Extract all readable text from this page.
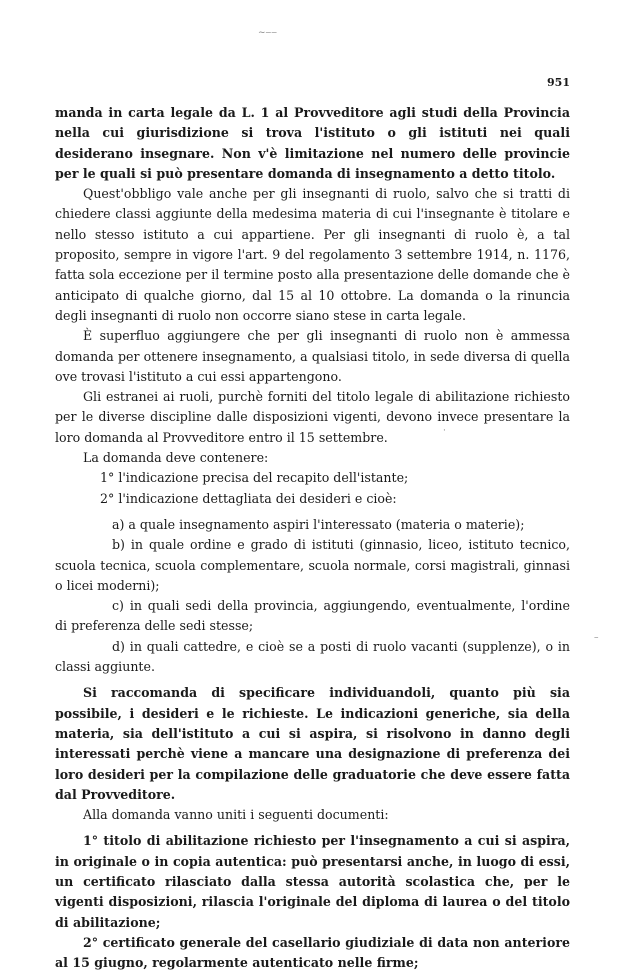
~‒‒
951

manda in carta legale da L. 1 al Provveditore agli studi della Provincia nella cui giurisdizione si trova l'istituto o gli istituti nei quali desiderano insegnare. Non v'è limitazione nel numero delle provincie per le quali si può presentare domanda di insegnamento a detto titolo.

Quest'obbligo vale anche per gli insegnanti di ruolo, salvo che si tratti di chiedere classi aggiunte della medesima materia di cui l'insegnante è titolare e nello stesso istituto a cui appartiene. Per gli insegnanti di ruolo è, a tal proposito, sempre in vigore l'art. 9 del regolamento 3 settembre 1914, n. 1176, fatta sola eccezione per il termine posto alla presentazione delle domande che è anticipato di qualche giorno, dal 15 al 10 ottobre. La domanda o la rinuncia degli insegnanti di ruolo non occorre siano stese in carta legale.

È superfluo aggiungere che per gli insegnanti di ruolo non è ammessa domanda per ottenere insegnamento, a qualsiasi titolo, in sede diversa di quella ove trovasi l'istituto a cui essi appartengono.

Gli estranei ai ruoli, purchè forniti del titolo legale di abilitazione richiesto per le diverse discipline dalle disposizioni vigenti, devono invece presentare la loro domanda al Provveditore entro il 15 settembre.

La domanda deve contenere:

1° l'indicazione precisa del recapito dell'istante;

2° l'indicazione dettagliata dei desideri e cioè:

a) a quale insegnamento aspiri l'interessato (materia o materie);

b) in quale ordine e grado di istituti (ginnasio, liceo, istituto tecnico, scuola tecnica, scuola complementare, scuola normale, corsi magistrali, ginnasi o licei moderni);

c) in quali sedi della provincia, aggiungendo, eventualmente, l'ordine di preferenza delle sedi stesse;

d) in quali cattedre, e cioè se a posti di ruolo vacanti (supplenze), o in classi aggiunte.

Si raccomanda di specificare individuandoli, quanto più sia possibile, i desideri e le richieste. Le indicazioni generiche, sia della materia, sia dell'istituto a cui si aspira, si risolvono in danno degli interessati perchè viene a mancare una designazione di preferenza dei loro desideri per la compilazione delle graduatorie che deve essere fatta dal Provveditore.

Alla domanda vanno uniti i seguenti documenti:

1° titolo di abilitazione richiesto per l'insegnamento a cui si aspira, in originale o in copia autentica: può presentarsi anche, in luogo di essi, un certificato rilasciato dalla stessa autorità scolastica che, per le vigenti disposizioni, rilascia l'originale del diploma di laurea o del titolo di abilitazione;

2° certificato generale del casellario giudiziale di data non anteriore al 15 giugno, regolarmente autenticato nelle firme;

–
·
